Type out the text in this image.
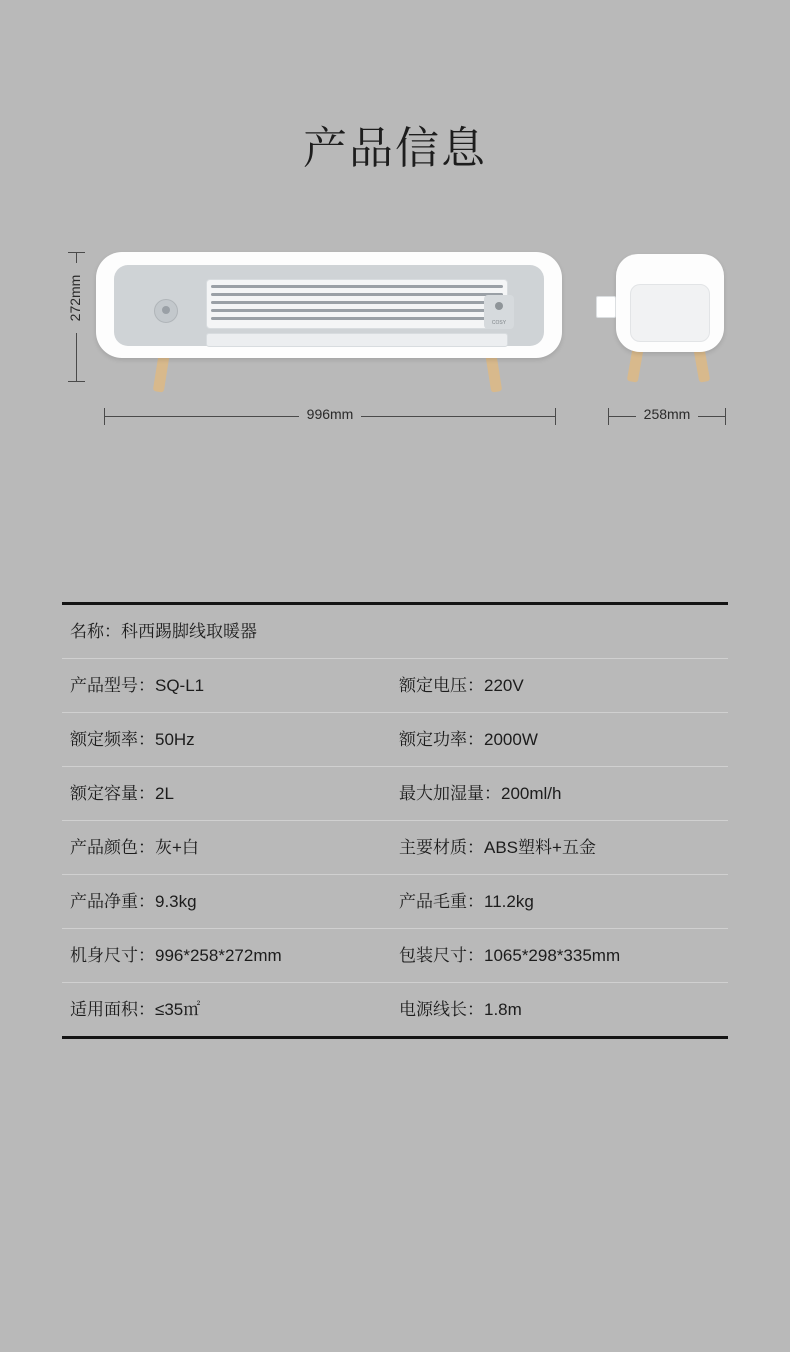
产品信息
272mm
COSY
996mm	258mm
名称：科西踢脚线取暖器
产品型号：SQ-L1	额定电压：220V
额定频率：50Hz	额定功率：2000W
额定容量：2L	最大加湿量：200ml/h
产品颜色：灰+白	主要材质：ABS塑料+五金
产品净重：9.3kg	产品毛重：11.2kg
机身尺寸：996*258*272mm	包装尺寸：1065*298*335mm
适用面积：≤35㎡	电源线长：1.8m
